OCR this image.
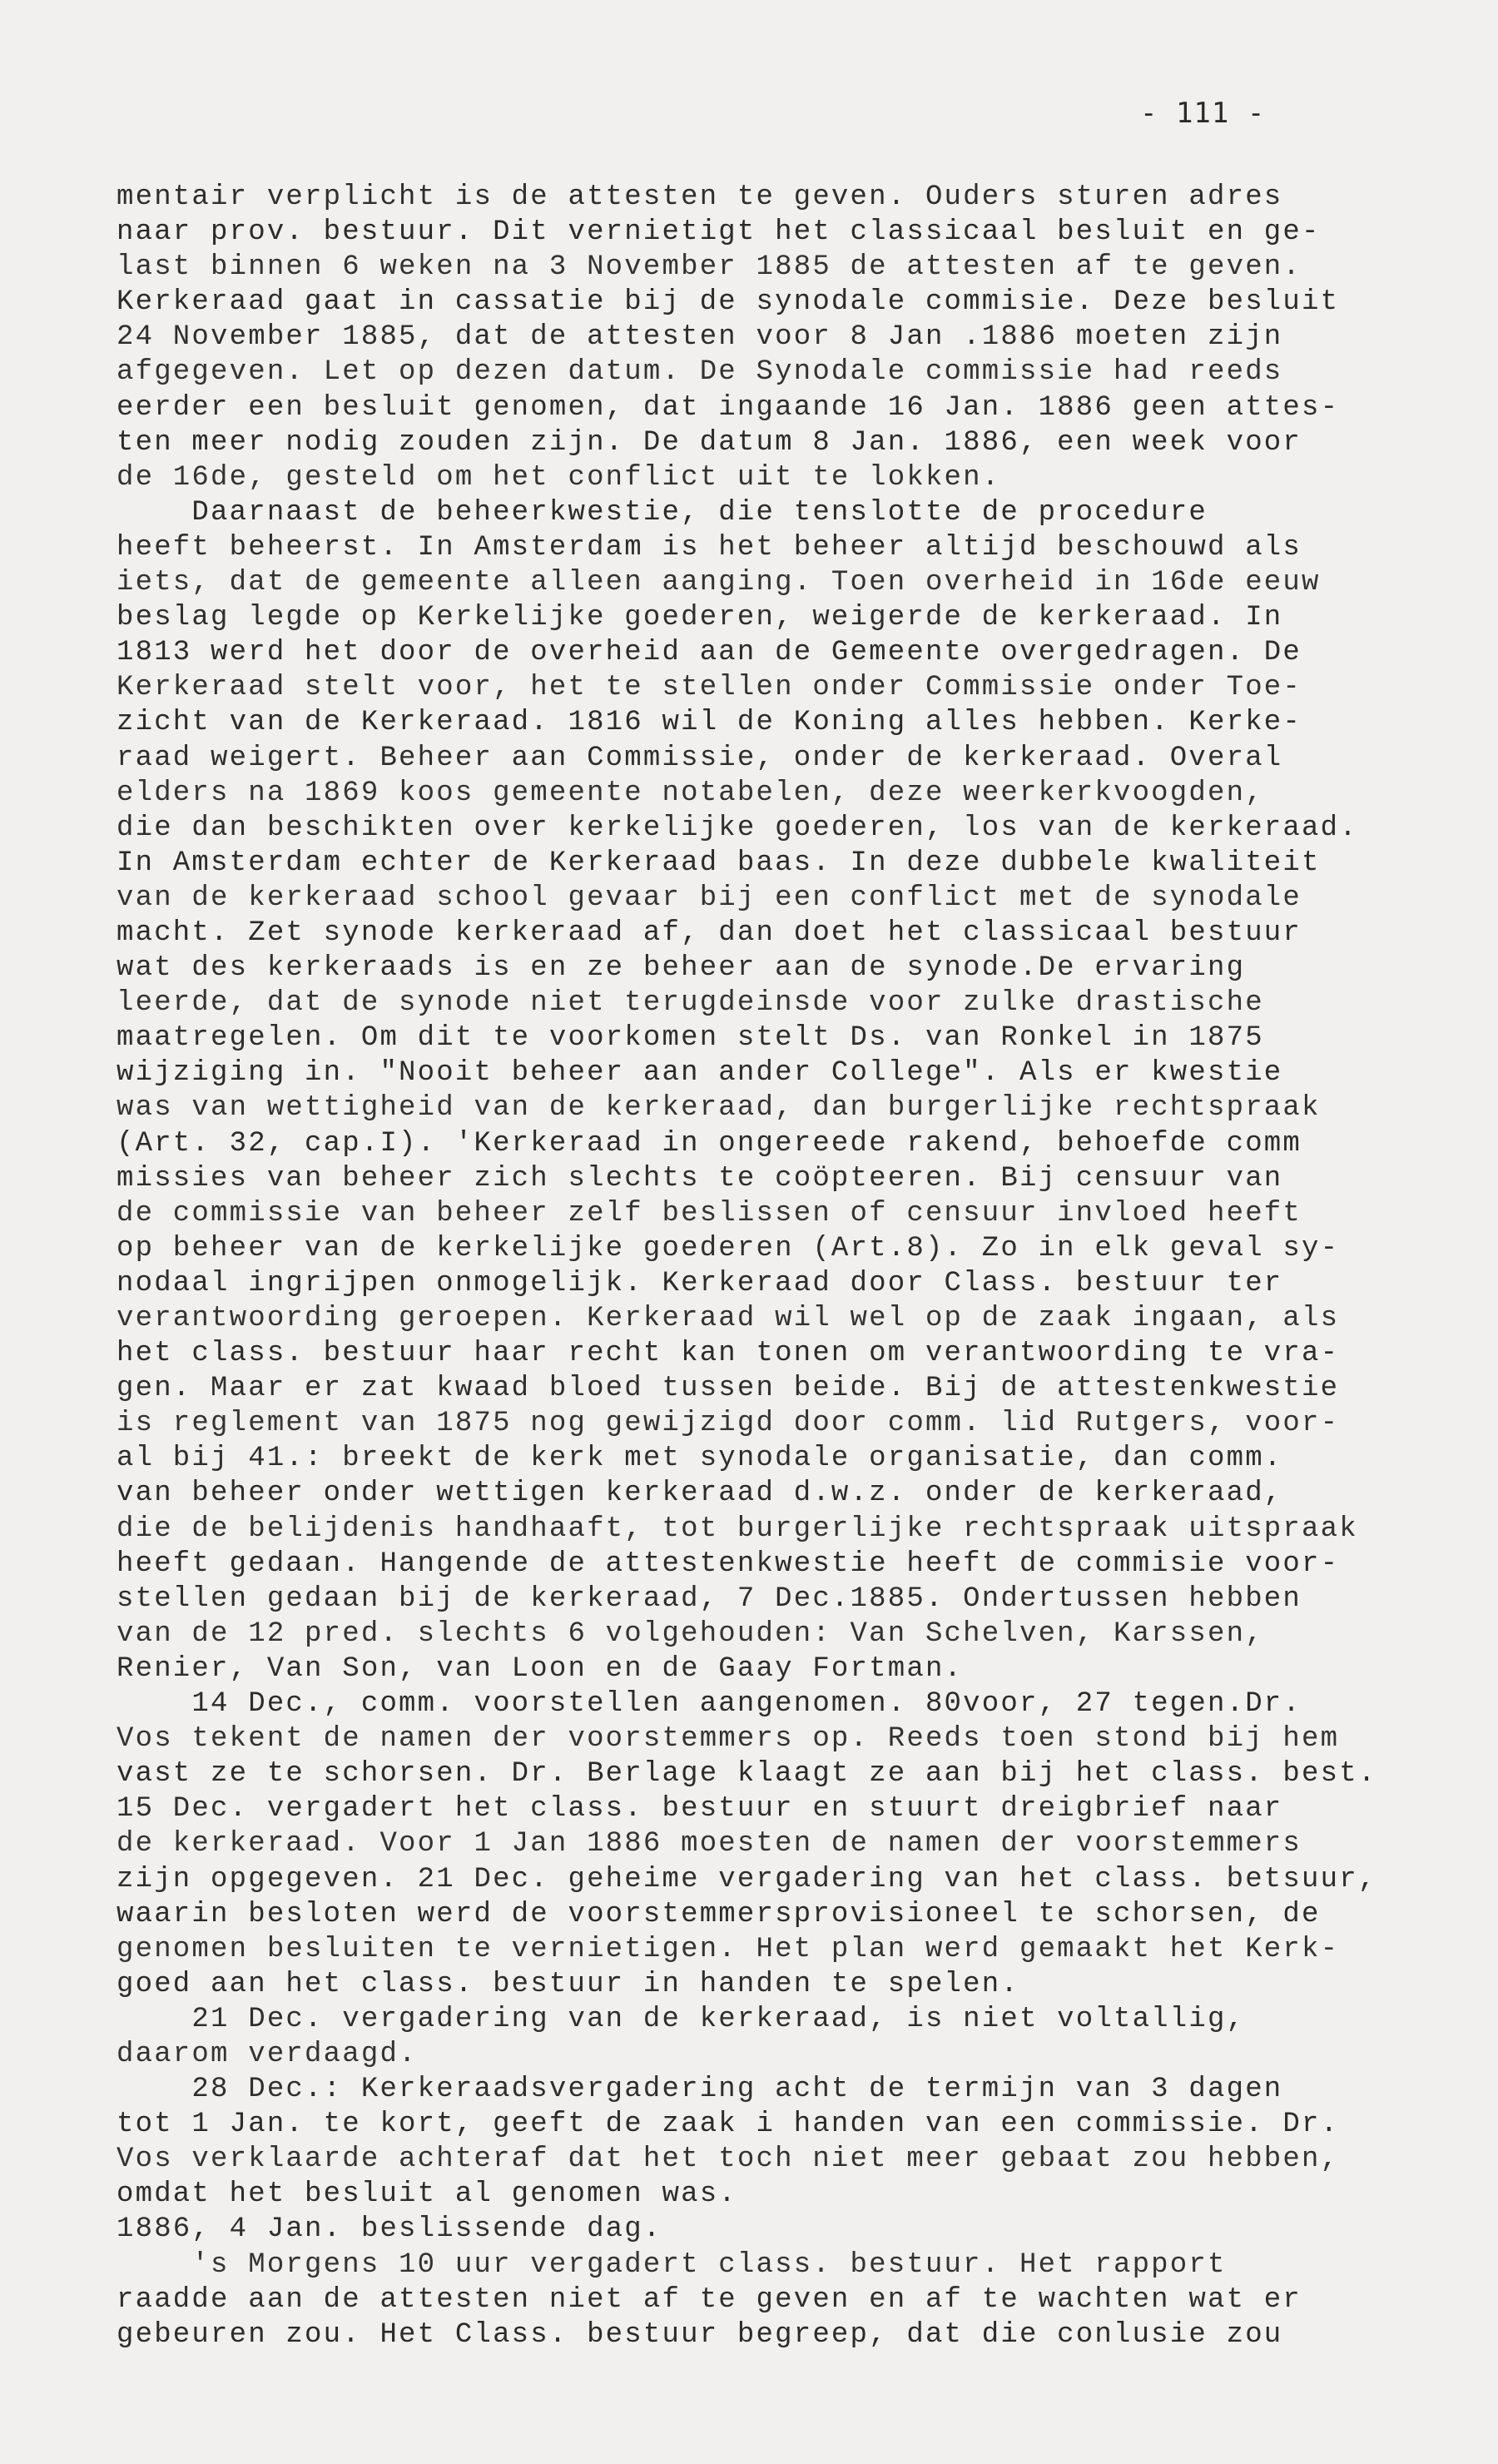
- 111 -
mentair verplicht is de attesten te geven. Ouders sturen adres
naar prov. bestuur. Dit vernietigt het classicaal besluit en ge-
last binnen 6 weken na 3 November 1885 de attesten af te geven.
Kerkeraad gaat in cassatie bij de synodale commisie. Deze besluit
24 November 1885, dat de attesten voor 8 Jan .1886 moeten zijn
afgegeven. Let op dezen datum. De Synodale commissie had reeds
eerder een besluit genomen, dat ingaande 16 Jan. 1886 geen attes-
ten meer nodig zouden zijn. De datum 8 Jan. 1886, een week voor
de 16de, gesteld om het conflict uit te lokken.
Daarnaast de beheerkwestie, die tenslotte de procedure
heeft beheerst. In Amsterdam is het beheer altijd beschouwd als
iets, dat de gemeente alleen aanging. Toen overheid in 16de eeuw
beslag legde op Kerkelijke goederen, weigerde de kerkeraad. In
1813 werd het door de overheid aan de Gemeente overgedragen. De
Kerkeraad stelt voor, het te stellen onder Commissie onder Toe-
zicht van de Kerkeraad. 1816 wil de Koning alles hebben. Kerke-
raad weigert. Beheer aan Commissie, onder de kerkeraad. Overal
elders na 1869 koos gemeente notabelen, deze weerkerkvoogden,
die dan beschikten over kerkelijke goederen, los van de kerkeraad.
In Amsterdam echter de Kerkeraad baas. In deze dubbele kwaliteit
van de kerkeraad school gevaar bij een conflict met de synodale
macht. Zet synode kerkeraad af, dan doet het classicaal bestuur
wat des kerkeraads is en ze beheer aan de synode.De ervaring
leerde, dat de synode niet terugdeinsde voor zulke drastische
maatregelen. Om dit te voorkomen stelt Ds. van Ronkel in 1875
wijziging in. "Nooit beheer aan ander College". Als er kwestie
was van wettigheid van de kerkeraad, dan burgerlijke rechtspraak
(Art. 32, cap.I). 'Kerkeraad in ongereede rakend, behoefde comm
missies van beheer zich slechts te coöpteeren. Bij censuur van
de commissie van beheer zelf beslissen of censuur invloed heeft
op beheer van de kerkelijke goederen (Art.8). Zo in elk geval sy-
nodaal ingrijpen onmogelijk. Kerkeraad door Class. bestuur ter
verantwoording geroepen. Kerkeraad wil wel op de zaak ingaan, als
het class. bestuur haar recht kan tonen om verantwoording te vra-
gen. Maar er zat kwaad bloed tussen beide. Bij de attestenkwestie
is reglement van 1875 nog gewijzigd door comm. lid Rutgers, voor-
al bij 41.: breekt de kerk met synodale organisatie, dan comm.
van beheer onder wettigen kerkeraad d.w.z. onder de kerkeraad,
die de belijdenis handhaaft, tot burgerlijke rechtspraak uitspraak
heeft gedaan. Hangende de attestenkwestie heeft de commisie voor-
stellen gedaan bij de kerkeraad, 7 Dec.1885. Ondertussen hebben
van de 12 pred. slechts 6 volgehouden: Van Schelven, Karssen,
Renier, Van Son, van Loon en de Gaay Fortman.
14 Dec., comm. voorstellen aangenomen. 80voor, 27 tegen.Dr.
Vos tekent de namen der voorstemmers op. Reeds toen stond bij hem
vast ze te schorsen. Dr. Berlage klaagt ze aan bij het class. best.
15 Dec. vergadert het class. bestuur en stuurt dreigbrief naar
de kerkeraad. Voor 1 Jan 1886 moesten de namen der voorstemmers
zijn opgegeven. 21 Dec. geheime vergadering van het class. betsuur,
waarin besloten werd de voorstemmersprovisioneel te schorsen, de
genomen besluiten te vernietigen. Het plan werd gemaakt het Kerk-
goed aan het class. bestuur in handen te spelen.
21 Dec. vergadering van de kerkeraad, is niet voltallig,
daarom verdaagd.
28 Dec.: Kerkeraadsvergadering acht de termijn van 3 dagen
tot 1 Jan. te kort, geeft de zaak i handen van een commissie. Dr.
Vos verklaarde achteraf dat het toch niet meer gebaat zou hebben,
omdat het besluit al genomen was.
1886, 4 Jan. beslissende dag.
's Morgens 10 uur vergadert class. bestuur. Het rapport
raadde aan de attesten niet af te geven en af te wachten wat er
gebeuren zou. Het Class. bestuur begreep, dat die conlusie zou
